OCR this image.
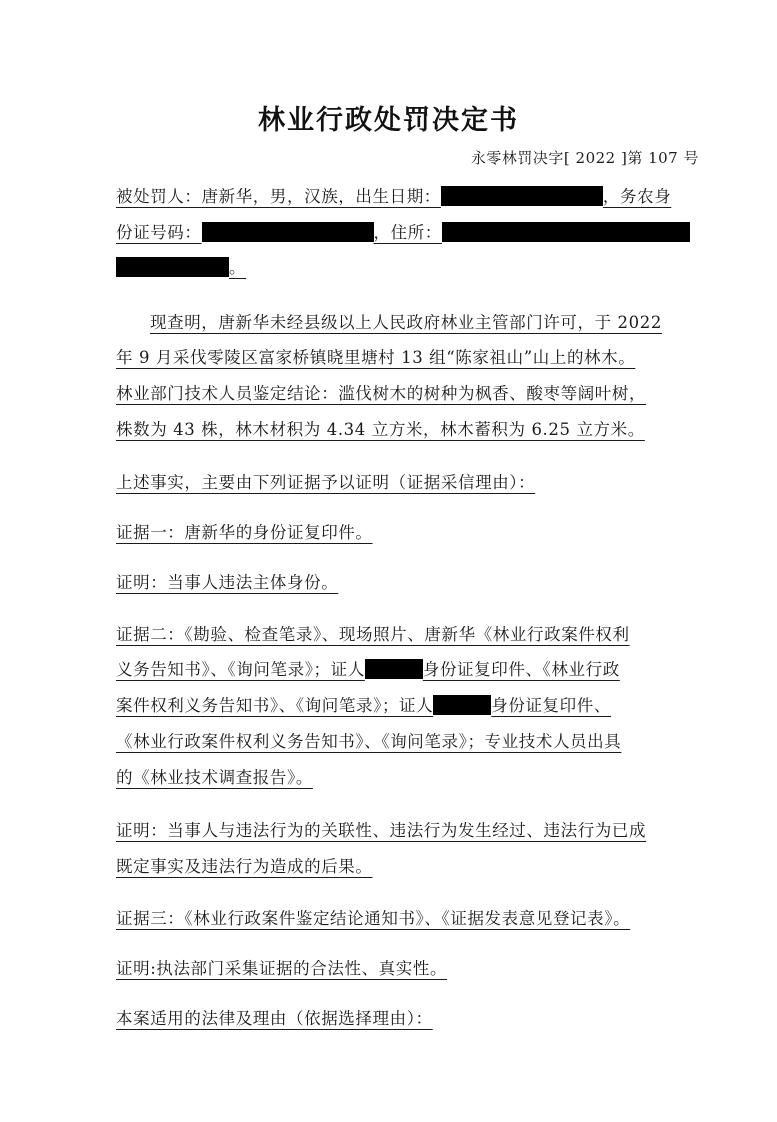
林业行政处罚决定书
永零林罚决字[ 2022 ]第 107 号
被处罚人：唐新华，男，汉族，出生日期：	，务农身
份证号码：	，住所：
。
现查明，唐新华未经县级以上人民政府林业主管部门许可，于 2022
年 9 月采伐零陵区富家桥镇晓里塘村 13 组“陈家祖山”山上的林木。
林业部门技术人员鉴定结论：滥伐树木的树种为枫香、酸枣等阔叶树，
株数为 43 株，林木材积为 4.34 立方米，林木蓄积为 6.25 立方米。
上述事实，主要由下列证据予以证明（证据采信理由）：
证据一：唐新华的身份证复印件。
证明：当事人违法主体身份。
证据二：《勘验、检查笔录》、现场照片、唐新华《林业行政案件权利
义务告知书》、《询问笔录》；证人	身份证复印件、《林业行政
案件权利义务告知书》、《询问笔录》；证人	身份证复印件、
《林业行政案件权利义务告知书》、《询问笔录》；专业技术人员出具
的《林业技术调查报告》。
证明：当事人与违法行为的关联性、违法行为发生经过、违法行为已成
既定事实及违法行为造成的后果。
证据三：《林业行政案件鉴定结论通知书》、《证据发表意见登记表》。
证明:执法部门采集证据的合法性、真实性。
本案适用的法律及理由（依据选择理由）：
